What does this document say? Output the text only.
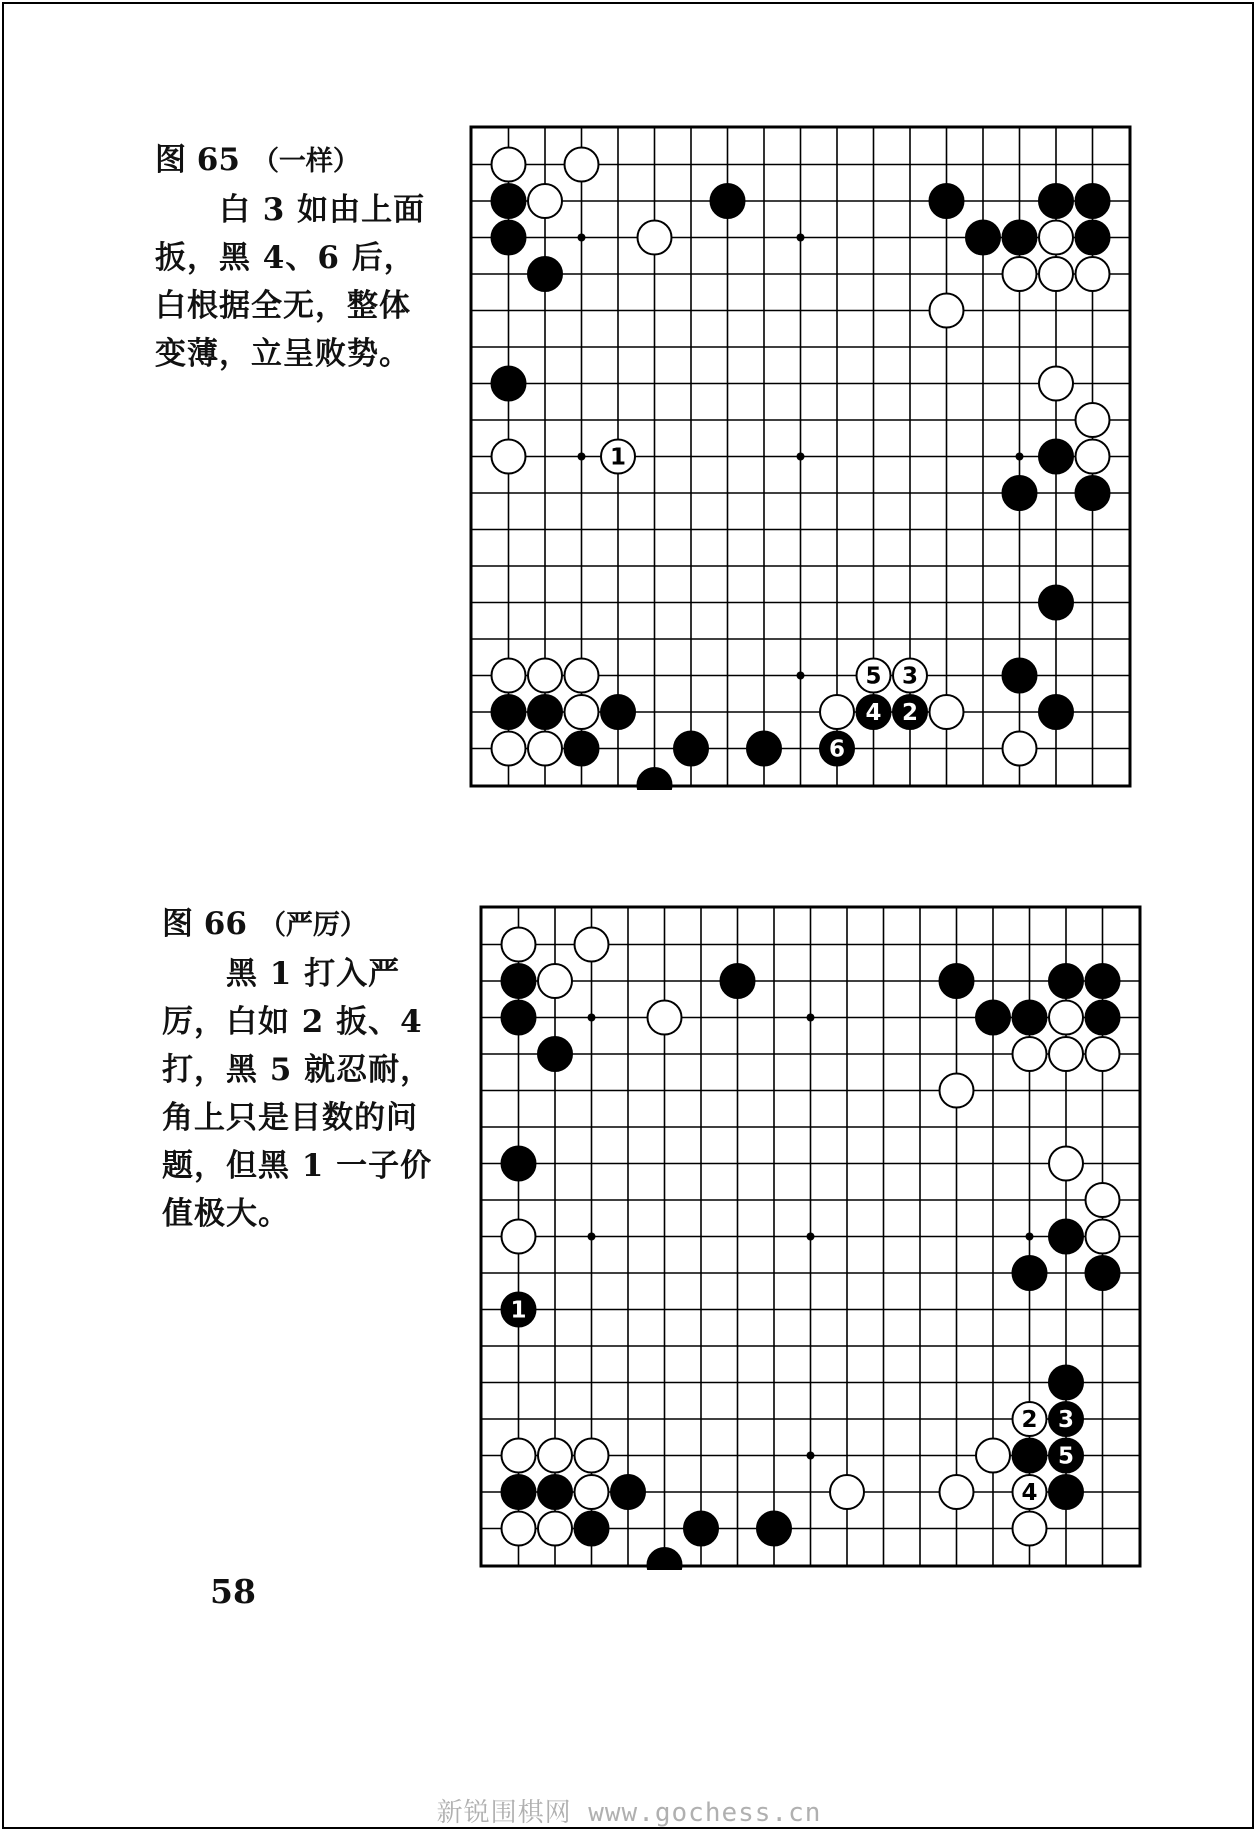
图 65 （一样）
白 3 如由上面扳，黑 4、6 后，白根据全无，整体变薄，立呈败势。
1
2
3
4
5
6
图 66 （严厉）
黑 1 打入严厉，白如 2 扳、4 打，黑 5 就忍耐，角上只是目数的问题，但黑 1 一子价值极大。
1
2 3
4
5
58
新锐围棋网 www.gochess.cn
